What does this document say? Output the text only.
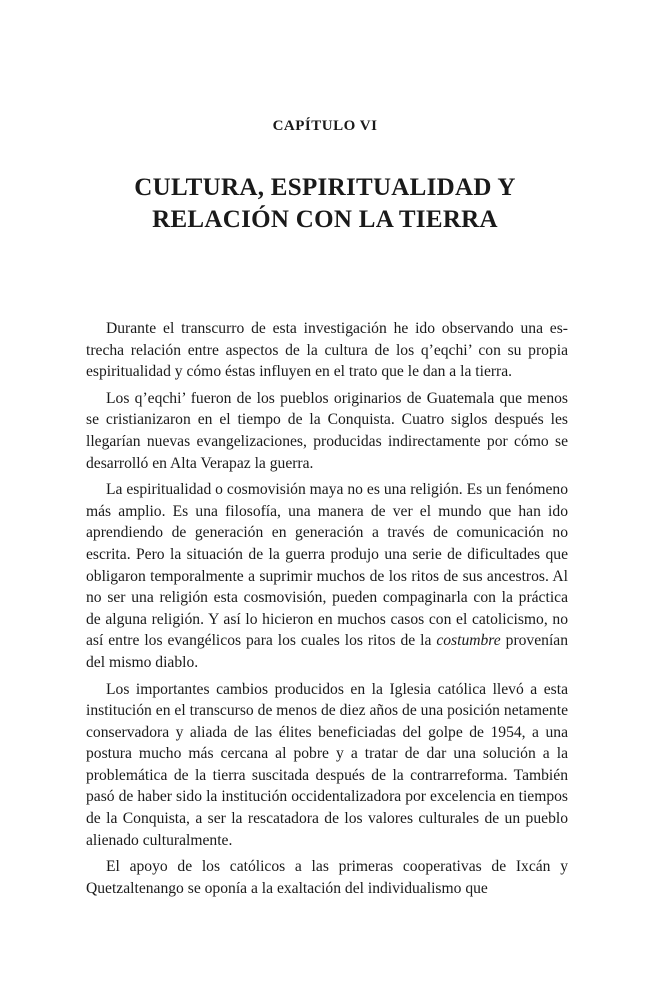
CAPÍTULO VI
CULTURA, ESPIRITUALIDAD Y
RELACIÓN CON LA TIERRA

Durante el transcurro de esta investigación he ido observando una estrecha relación entre aspectos de la cultura de los q’eqchi’ con su propia espiritualidad y cómo éstas influyen en el trato que le dan a la tierra.

Los q’eqchi’ fueron de los pueblos originarios de Guatemala que menos se cristianizaron en el tiempo de la Conquista. Cuatro siglos después les llegarían nuevas evangelizaciones, producidas indirectamente por cómo se desarrolló en Alta Verapaz la guerra.

La espiritualidad o cosmovisión maya no es una religión. Es un fenómeno más amplio. Es una filosofía, una manera de ver el mundo que han ido aprendiendo de generación en generación a través de comunicación no escrita. Pero la situación de la guerra produjo una serie de dificultades que obligaron temporalmente a suprimir muchos de los ritos de sus ancestros. Al no ser una religión esta cosmovisión, pueden compaginarla con la práctica de alguna religión. Y así lo hicieron en muchos casos con el catolicismo, no así entre los evangélicos para los cuales los ritos de la costumbre provenían del mismo diablo.

Los importantes cambios producidos en la Iglesia católica llevó a esta institución en el transcurso de menos de diez años de una posición netamente conservadora y aliada de las élites beneficiadas del golpe de 1954, a una postura mucho más cercana al pobre y a tratar de dar una solución a la problemática de la tierra suscitada después de la contrarreforma. También pasó de haber sido la institución occidentalizadora por excelencia en tiempos de la Conquista, a ser la rescatadora de los valores culturales de un pueblo alienado culturalmente.

El apoyo de los católicos a las primeras cooperativas de Ixcán y Quetzaltenango se oponía a la exaltación del individualismo que
